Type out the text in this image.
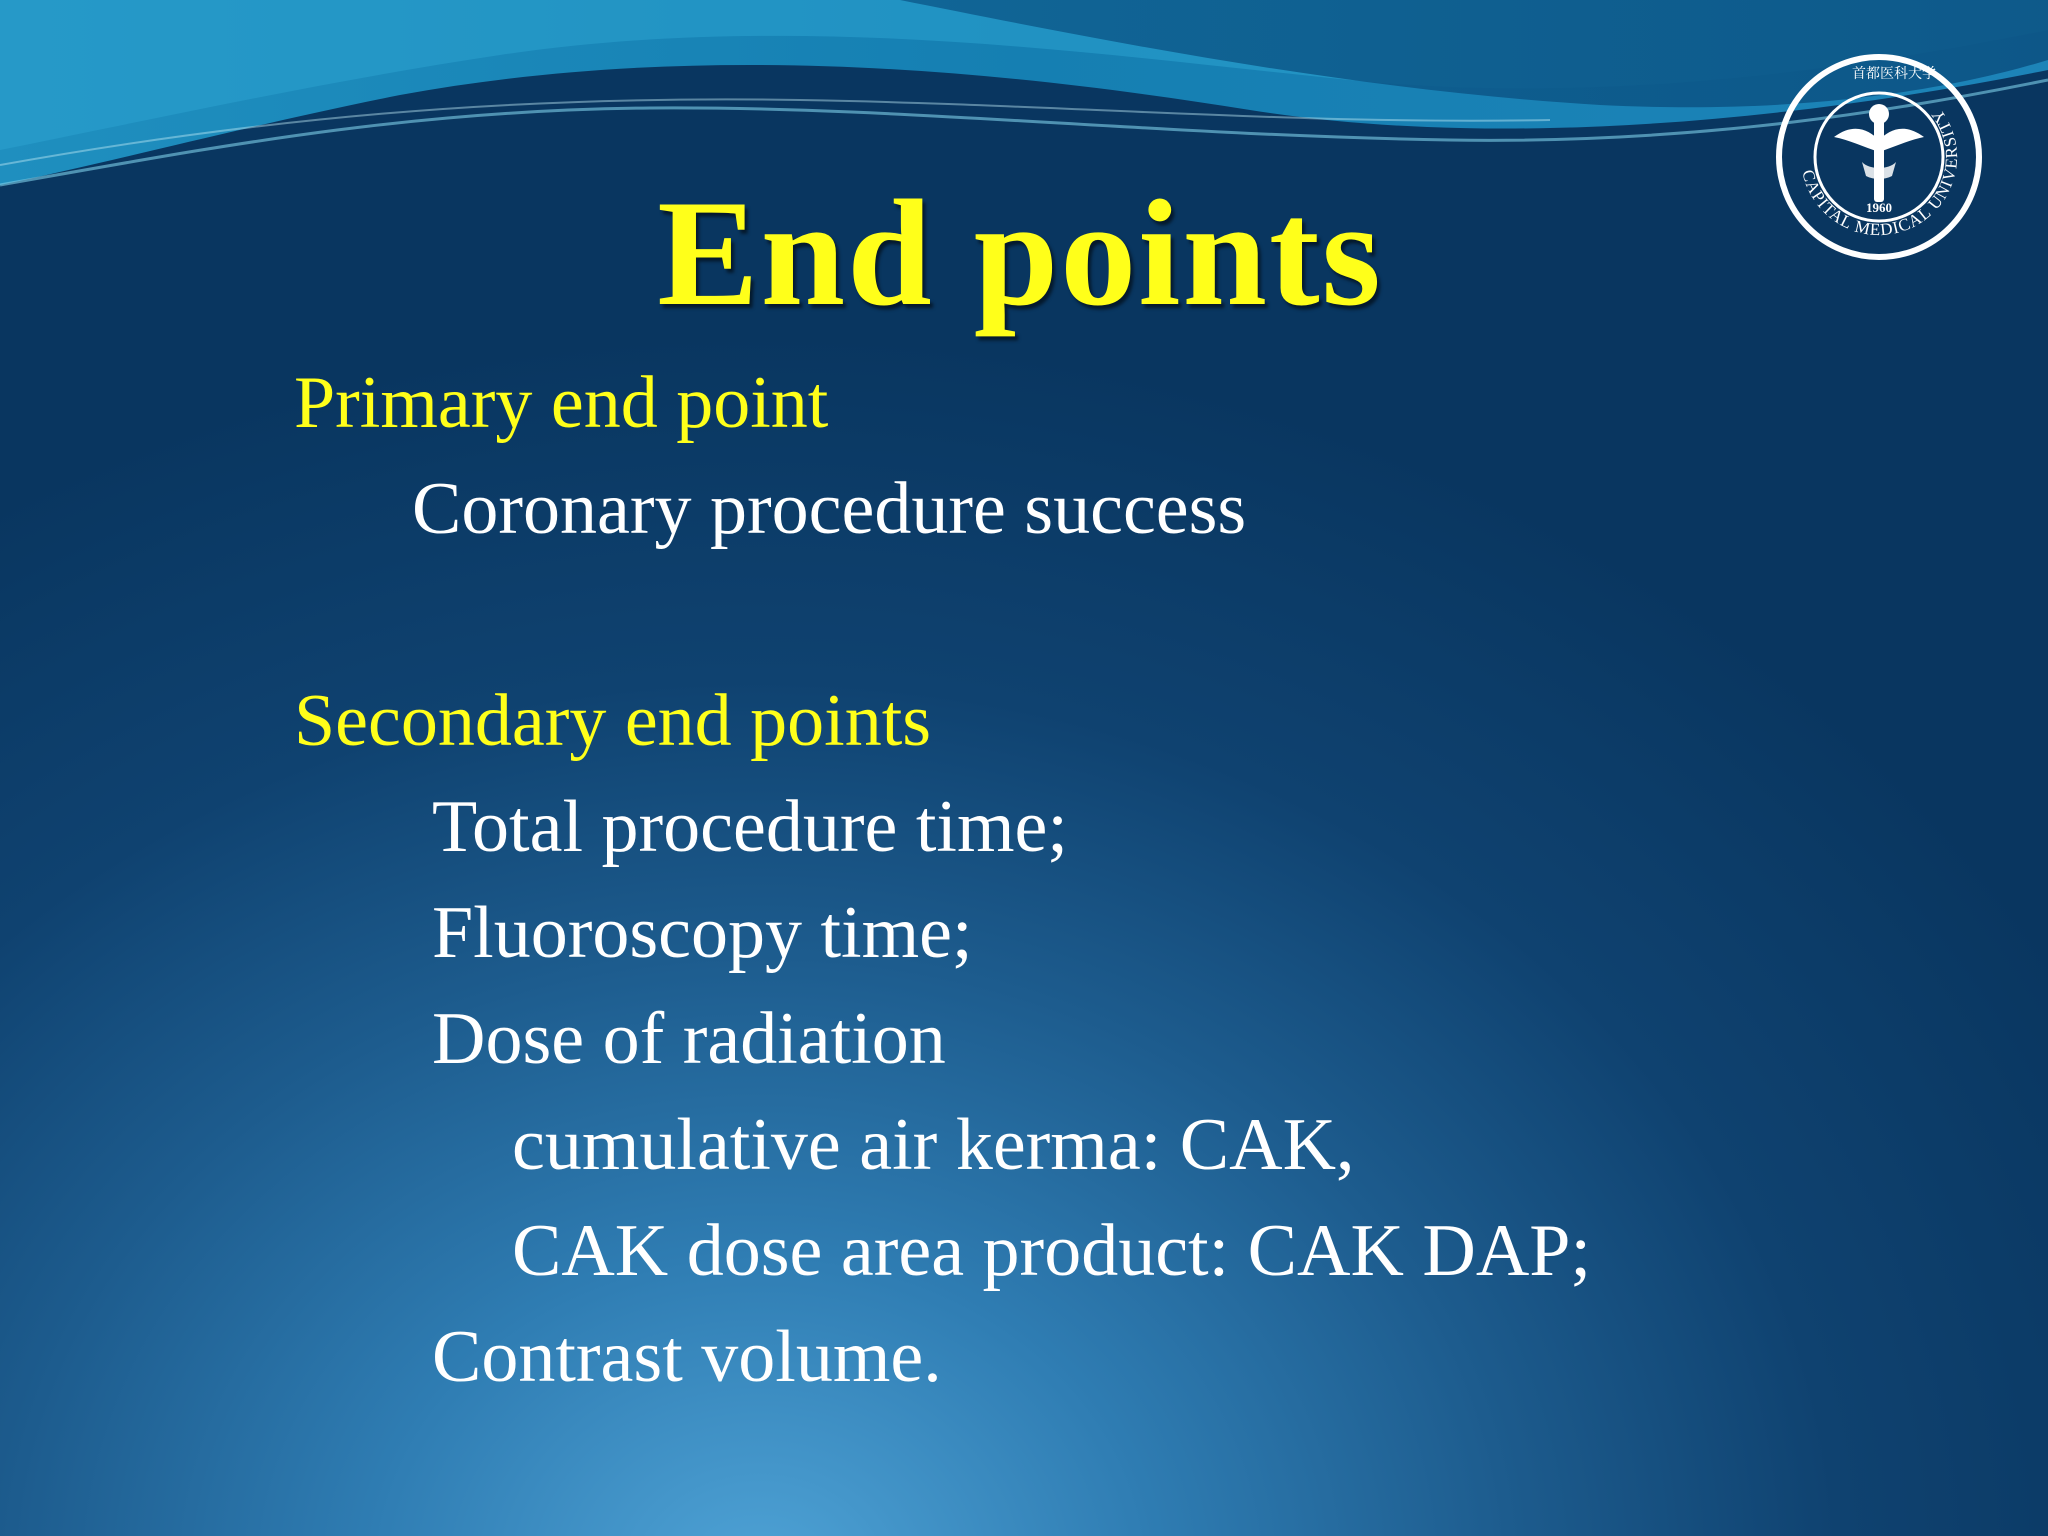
CAPITAL MEDICAL UNIVERSITY
首都医科大学
1960
End points

Primary end point

Coronary procedure success

Secondary end points

Total procedure time;

Fluoroscopy time;

Dose of radiation

cumulative air kerma: CAK,

CAK dose area product: CAK DAP;

Contrast volume.
